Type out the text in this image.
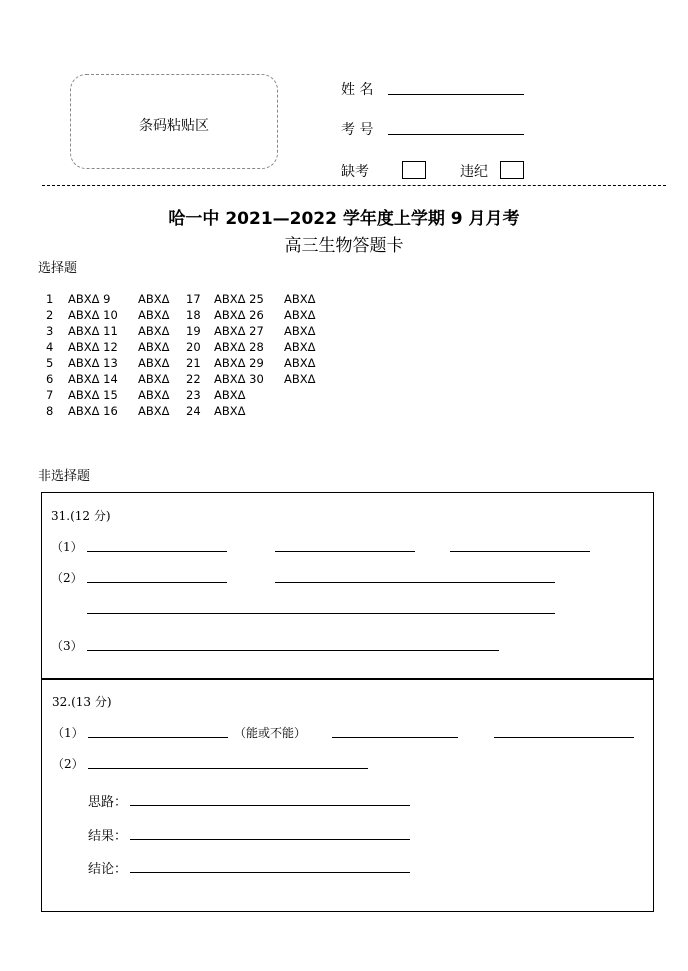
条码粘贴区
姓 名
考 号
缺考	违纪
哈一中 2021—2022 学年度上学期 9 月月考
高三生物答题卡
选择题
1 ABXΔ 9 ABXΔ 17 ABXΔ 25 ABXΔ
2 ABXΔ 10 ABXΔ 18 ABXΔ 26 ABXΔ
3 ABXΔ 11 ABXΔ 19 ABXΔ 27 ABXΔ
4 ABXΔ 12 ABXΔ 20 ABXΔ 28 ABXΔ
5 ABXΔ 13 ABXΔ 21 ABXΔ 29 ABXΔ
6 ABXΔ 14 ABXΔ 22 ABXΔ 30 ABXΔ
7 ABXΔ 15 ABXΔ 23 ABXΔ
8 ABXΔ 16 ABXΔ 24 ABXΔ
非选择题
31.(12 分)
（1）
（2）
（3）
32.(13 分)
（1）	（能或不能）
（2）
思路：
结果：
结论：
